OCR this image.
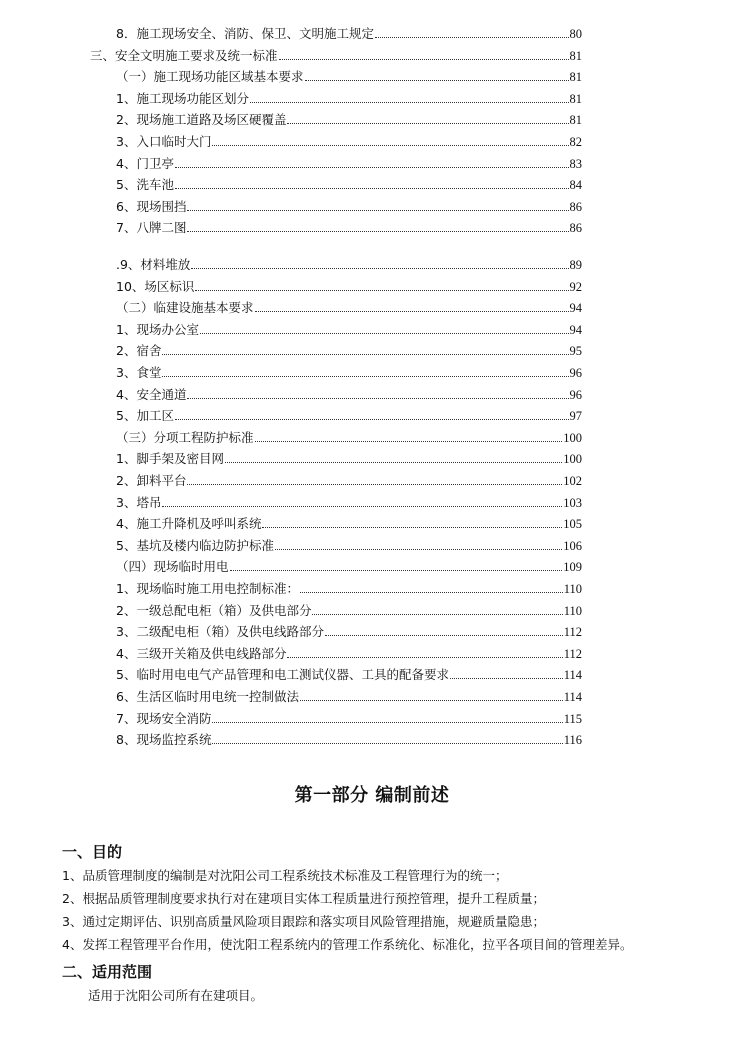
8．施工现场安全、消防、保卫、文明施工规定	80
三、安全文明施工要求及统一标准	81
（一）施工现场功能区域基本要求	81
1、施工现场功能区划分	81
2、现场施工道路及场区硬覆盖	81
3、入口临时大门	82
4、门卫亭	83
5、洗车池	84
6、现场围挡	86
7、八牌二图	86
.9、材料堆放	89
10、场区标识	92
（二）临建设施基本要求	94
1、现场办公室	94
2、宿舍	95
3、食堂	96
4、安全通道	96
5、加工区	97
（三）分项工程防护标准	100
1、脚手架及密目网	100
2、卸料平台	102
3、塔吊	103
4、施工升降机及呼叫系统	105
5、基坑及楼内临边防护标准	106
（四）现场临时用电	109
1、现场临时施工用电控制标准：	110
2、一级总配电柜（箱）及供电部分	110
3、二级配电柜（箱）及供电线路部分	112
4、三级开关箱及供电线路部分	112
5、临时用电电气产品管理和电工测试仪器、工具的配备要求	114
6、生活区临时用电统一控制做法	114
7、现场安全消防	115
8、现场监控系统	116
第一部分 编制前述
一、目的
1、品质管理制度的编制是对沈阳公司工程系统技术标准及工程管理行为的统一；
2、根据品质管理制度要求执行对在建项目实体工程质量进行预控管理，提升工程质量；
3、通过定期评估、识别高质量风险项目跟踪和落实项目风险管理措施，规避质量隐患；
4、发挥工程管理平台作用，使沈阳工程系统内的管理工作系统化、标准化，拉平各项目间的管理差异。
二、适用范围
适用于沈阳公司所有在建项目。
